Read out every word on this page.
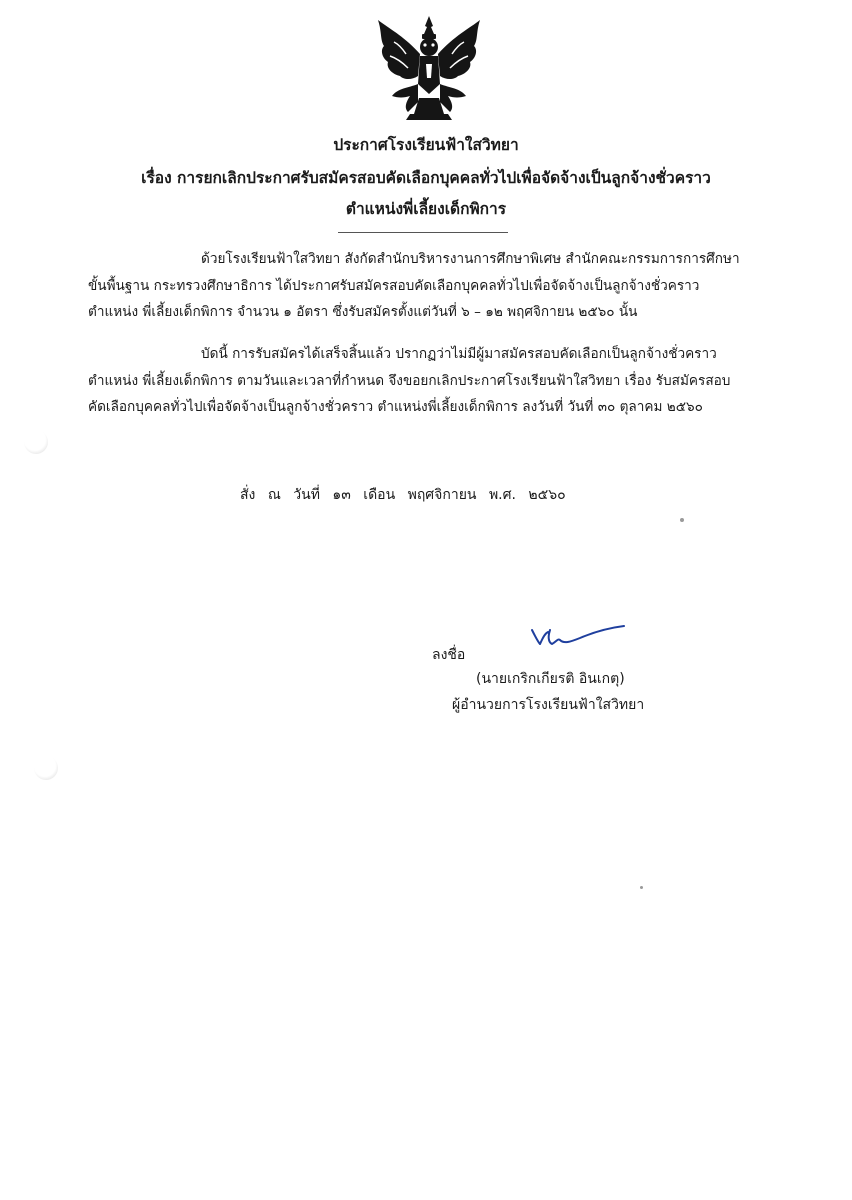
ประกาศโรงเรียนฟ้าใสวิทยา
เรื่อง การยกเลิกประกาศรับสมัครสอบคัดเลือกบุคคลทั่วไปเพื่อจัดจ้างเป็นลูกจ้างชั่วคราว
ตำแหน่งพี่เลี้ยงเด็กพิการ
ด้วยโรงเรียนฟ้าใสวิทยา สังกัดสำนักบริหารงานการศึกษาพิเศษ สำนักคณะกรรมการการศึกษา
ขั้นพื้นฐาน กระทรวงศึกษาธิการ ได้ประกาศรับสมัครสอบคัดเลือกบุคคลทั่วไปเพื่อจัดจ้างเป็นลูกจ้างชั่วคราว
ตำแหน่ง พี่เลี้ยงเด็กพิการ จำนวน ๑ อัตรา ซึ่งรับสมัครตั้งแต่วันที่ ๖ – ๑๒ พฤศจิกายน ๒๕๖๐ นั้น
บัดนี้ การรับสมัครได้เสร็จสิ้นแล้ว ปรากฏว่าไม่มีผู้มาสมัครสอบคัดเลือกเป็นลูกจ้างชั่วคราว
ตำแหน่ง พี่เลี้ยงเด็กพิการ ตามวันและเวลาที่กำหนด จึงขอยกเลิกประกาศโรงเรียนฟ้าใสวิทยา เรื่อง รับสมัครสอบ
คัดเลือกบุคคลทั่วไปเพื่อจัดจ้างเป็นลูกจ้างชั่วคราว ตำแหน่งพี่เลี้ยงเด็กพิการ ลงวันที่ วันที่ ๓๐ ตุลาคม ๒๕๖๐
สั่ง ณ วันที่ ๑๓ เดือน พฤศจิกายน พ.ศ. ๒๕๖๐
ลงชื่อ
(นายเกริกเกียรติ อินเกตุ)
ผู้อำนวยการโรงเรียนฟ้าใสวิทยา
